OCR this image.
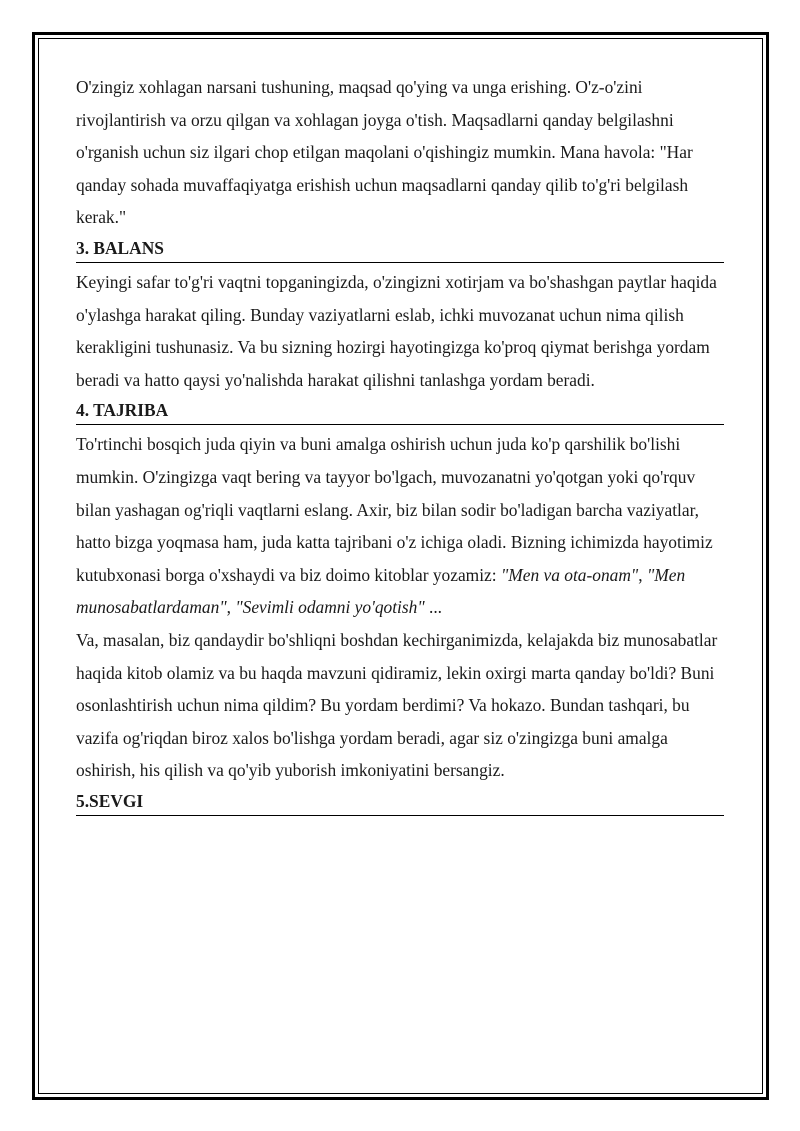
O'zingiz xohlagan narsani tushuning, maqsad qo'ying va unga erishing. O'z-o'zini rivojlantirish va orzu qilgan va xohlagan joyga o'tish. Maqsadlarni qanday belgilashni o'rganish uchun siz ilgari chop etilgan maqolani o'qishingiz mumkin. Mana havola: "Har qanday sohada muvaffaqiyatga erishish uchun maqsadlarni qanday qilib to'g'ri belgilash kerak."

3. BALANS

Keyingi safar to'g'ri vaqtni topganingizda, o'zingizni xotirjam va bo'shashgan paytlar haqida o'ylashga harakat qiling. Bunday vaziyatlarni eslab, ichki muvozanat uchun nima qilish kerakligini tushunasiz. Va bu sizning hozirgi hayotingizga ko'proq qiymat berishga yordam beradi va hatto qaysi yo'nalishda harakat qilishni tanlashga yordam beradi.

4. TAJRIBA

To'rtinchi bosqich juda qiyin va buni amalga oshirish uchun juda ko'p qarshilik bo'lishi mumkin. O'zingizga vaqt bering va tayyor bo'lgach, muvozanatni yo'qotgan yoki qo'rquv bilan yashagan og'riqli vaqtlarni eslang. Axir, biz bilan sodir bo'ladigan barcha vaziyatlar, hatto bizga yoqmasa ham, juda katta tajribani o'z ichiga oladi. Bizning ichimizda hayotimiz kutubxonasi borga o'xshaydi va biz doimo kitoblar yozamiz: "Men va ota-onam", "Men munosabatlardaman", "Sevimli odamni yo'qotish" ...

Va, masalan, biz qandaydir bo'shliqni boshdan kechirganimizda, kelajakda biz munosabatlar haqida kitob olamiz va bu haqda mavzuni qidiramiz, lekin oxirgi marta qanday bo'ldi? Buni osonlashtirish uchun nima qildim? Bu yordam berdimi? Va hokazo. Bundan tashqari, bu vazifa og'riqdan biroz xalos bo'lishga yordam beradi, agar siz o'zingizga buni amalga oshirish, his qilish va qo'yib yuborish imkoniyatini bersangiz.

5.SEVGI
